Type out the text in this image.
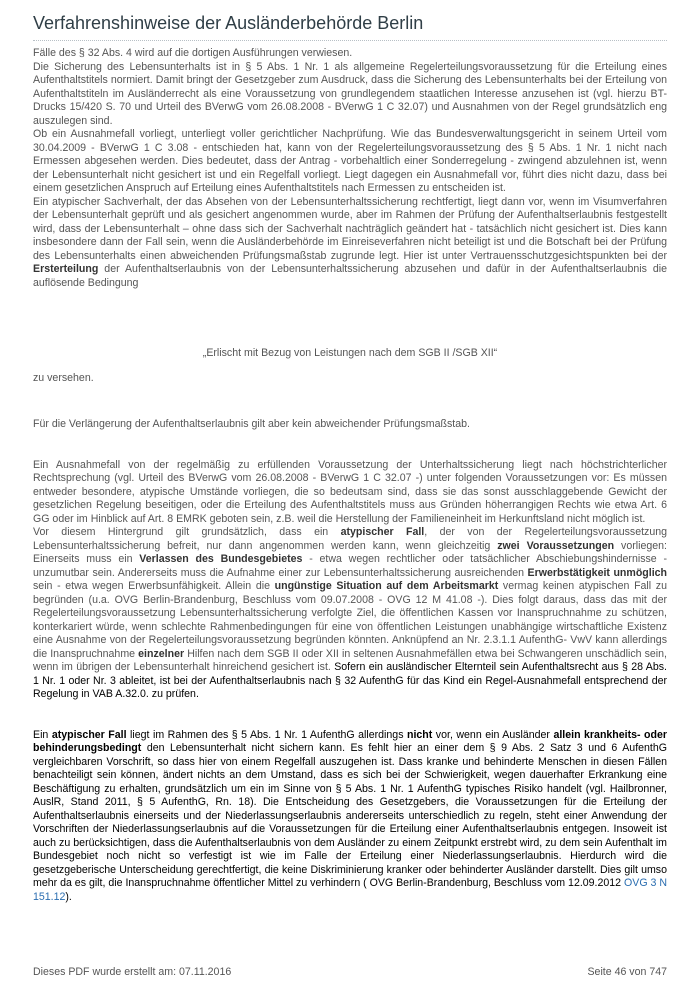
Verfahrenshinweise der Ausländerbehörde Berlin

Fälle des § 32 Abs. 4 wird auf die dortigen Ausführungen verwiesen.

Die Sicherung des Lebensunterhalts ist in § 5 Abs. 1 Nr. 1 als allgemeine Regelerteilungsvoraussetzung für die Erteilung eines Aufenthaltstitels normiert. Damit bringt der Gesetzgeber zum Ausdruck, dass die Sicherung des Lebensunterhalts bei der Erteilung von Aufenthaltstiteln im Ausländerrecht als eine Voraussetzung von grundlegendem staatlichen Interesse anzusehen ist (vgl. hierzu BT-Drucks 15/420 S. 70 und Urteil des BVerwG vom 26.08.2008 - BVerwG 1 C 32.07) und Ausnahmen von der Regel grundsätzlich eng auszulegen sind.

Ob ein Ausnahmefall vorliegt, unterliegt voller gerichtlicher Nachprüfung. Wie das Bundesverwaltungsgericht in seinem Urteil vom 30.04.2009 - BVerwG 1 C 3.08 - entschieden hat, kann von der Regelerteilungsvoraussetzung des § 5 Abs. 1 Nr. 1 nicht nach Ermessen abgesehen werden. Dies bedeutet, dass der Antrag - vorbehaltlich einer Sonderregelung - zwingend abzulehnen ist, wenn der Lebensunterhalt nicht gesichert ist und ein Regelfall vorliegt. Liegt dagegen ein Ausnahmefall vor, führt dies nicht dazu, dass bei einem gesetzlichen Anspruch auf Erteilung eines Aufenthaltstitels nach Ermessen zu entscheiden ist.

Ein atypischer Sachverhalt, der das Absehen von der Lebensunterhaltssicherung rechtfertigt, liegt dann vor, wenn im Visumverfahren der Lebensunterhalt geprüft und als gesichert angenommen wurde, aber im Rahmen der Prüfung der Aufenthaltserlaubnis festgestellt wird, dass der Lebensunterhalt – ohne dass sich der Sachverhalt nachträglich geändert hat - tatsächlich nicht gesichert ist. Dies kann insbesondere dann der Fall sein, wenn die Ausländerbehörde im Einreiseverfahren nicht beteiligt ist und die Botschaft bei der Prüfung des Lebensunterhalts einen abweichenden Prüfungsmaßstab zugrunde legt. Hier ist unter Vertrauensschutzgesichtspunkten bei der Ersterteilung der Aufenthaltserlaubnis von der Lebensunterhaltssicherung abzusehen und dafür in der Aufenthaltserlaubnis die auflösende Bedingung

„Erlischt mit Bezug von Leistungen nach dem SGB II /SGB XII“

zu versehen.

Für die Verlängerung der Aufenthaltserlaubnis gilt aber kein abweichender Prüfungsmaßstab.

Ein Ausnahmefall von der regelmäßig zu erfüllenden Voraussetzung der Unterhaltssicherung liegt nach höchstrichterlicher Rechtsprechung (vgl. Urteil des BVerwG vom 26.08.2008 - BVerwG 1 C 32.07 -) unter folgenden Voraussetzungen vor: Es müssen entweder besondere, atypische Umstände vorliegen, die so bedeutsam sind, dass sie das sonst ausschlaggebende Gewicht der gesetzlichen Regelung beseitigen, oder die Erteilung des Aufenthaltstitels muss aus Gründen höherrangigen Rechts wie etwa Art. 6 GG oder im Hinblick auf Art. 8 EMRK geboten sein, z.B. weil die Herstellung der Familieneinheit im Herkunftsland nicht möglich ist.

Vor diesem Hintergrund gilt grundsätzlich, dass ein atypischer Fall, der von der Regelerteilungsvoraussetzung Lebensunterhaltssicherung befreit, nur dann angenommen werden kann, wenn gleichzeitig zwei Voraussetzungen vorliegen: Einerseits muss ein Verlassen des Bundesgebietes - etwa wegen rechtlicher oder tatsächlicher Abschiebungshindernisse - unzumutbar sein. Andererseits muss die Aufnahme einer zur Lebensunterhaltssicherung ausreichenden Erwerbstätigkeit unmöglich sein - etwa wegen Erwerbsunfähigkeit. Allein die ungünstige Situation auf dem Arbeitsmarkt vermag keinen atypischen Fall zu begründen (u.a. OVG Berlin-Brandenburg, Beschluss vom 09.07.2008 - OVG 12 M 41.08 -). Dies folgt daraus, dass das mit der Regelerteilungsvoraussetzung Lebensunterhaltssicherung verfolgte Ziel, die öffentlichen Kassen vor Inanspruchnahme zu schützen, konterkariert würde, wenn schlechte Rahmenbedingungen für eine von öffentlichen Leistungen unabhängige wirtschaftliche Existenz eine Ausnahme von der Regelerteilungsvoraussetzung begründen könnten. Anknüpfend an Nr. 2.3.1.1 AufenthG- VwV kann allerdings die Inanspruchnahme einzelner Hilfen nach dem SGB II oder XII in seltenen Ausnahmefällen etwa bei Schwangeren unschädlich sein, wenn im übrigen der Lebensunterhalt hinreichend gesichert ist. Sofern ein ausländischer Elternteil sein Aufenthaltsrecht aus § 28 Abs. 1 Nr. 1 oder Nr. 3 ableitet, ist bei der Aufenthaltserlaubnis nach § 32 AufenthG für das Kind ein Regel-Ausnahmefall entsprechend der Regelung in VAB A.32.0. zu prüfen.

Ein atypischer Fall liegt im Rahmen des § 5 Abs. 1 Nr. 1 AufenthG allerdings nicht vor, wenn ein Ausländer allein krankheits- oder behinderungsbedingt den Lebensunterhalt nicht sichern kann. Es fehlt hier an einer dem § 9 Abs. 2 Satz 3 und 6 AufenthG vergleichbaren Vorschrift, so dass hier von einem Regelfall auszugehen ist. Dass kranke und behinderte Menschen in diesen Fällen benachteiligt sein können, ändert nichts an dem Umstand, dass es sich bei der Schwierigkeit, wegen dauerhafter Erkrankung eine Beschäftigung zu erhalten, grundsätzlich um ein im Sinne von § 5 Abs. 1 Nr. 1 AufenthG typisches Risiko handelt (vgl. Hailbronner, AuslR, Stand 2011, § 5 AufenthG, Rn. 18). Die Entscheidung des Gesetzgebers, die Voraussetzungen für die Erteilung der Aufenthaltserlaubnis einerseits und der Niederlassungserlaubnis andererseits unterschiedlich zu regeln, steht einer Anwendung der Vorschriften der Niederlassungserlaubnis auf die Voraussetzungen für die Erteilung einer Aufenthaltserlaubnis entgegen. Insoweit ist auch zu berücksichtigen, dass die Aufenthaltserlaubnis von dem Ausländer zu einem Zeitpunkt erstrebt wird, zu dem sein Aufenthalt im Bundesgebiet noch nicht so verfestigt ist wie im Falle der Erteilung einer Niederlassungserlaubnis. Hierdurch wird die gesetzgeberische Unterscheidung gerechtfertigt, die keine Diskriminierung kranker oder behinderter Ausländer darstellt. Dies gilt umso mehr da es gilt, die Inanspruchnahme öffentlicher Mittel zu verhindern ( OVG Berlin-Brandenburg, Beschluss vom 12.09.2012 OVG 3 N 151.12).

Dieses PDF wurde erstellt am: 07.11.2016	Seite 46 von 747
